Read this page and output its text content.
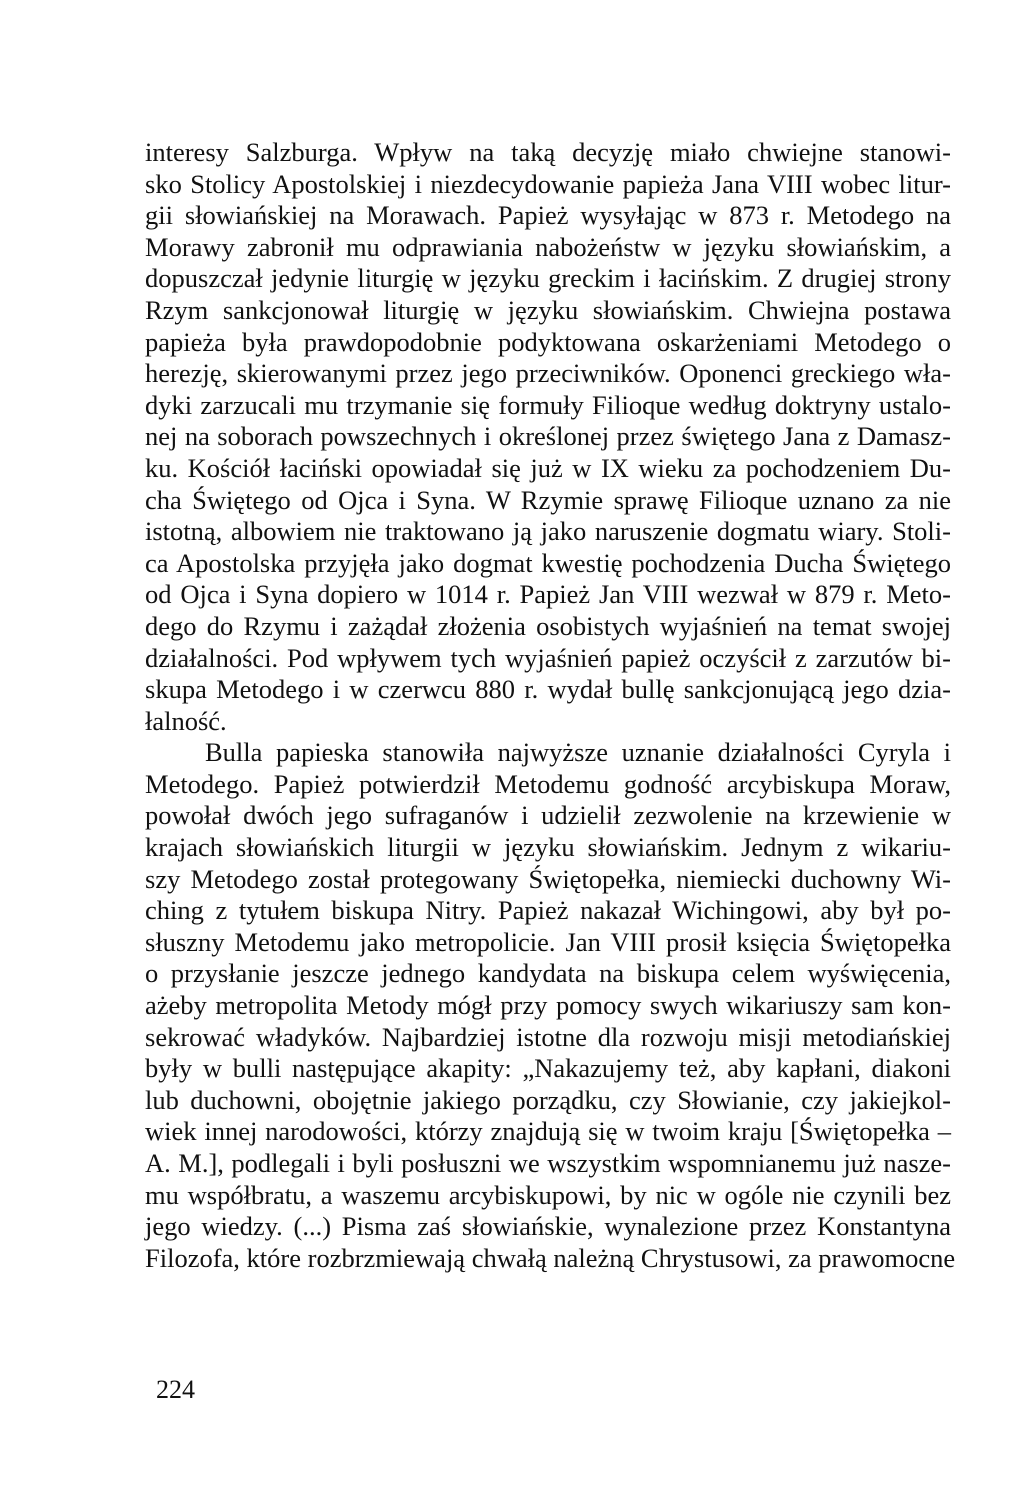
interesy Salzburga. Wpływ na taką decyzję miało chwiejne stanowi-
sko Stolicy Apostolskiej i niezdecydowanie papieża Jana VIII wobec litur-
gii słowiańskiej na Morawach. Papież wysyłając w 873 r. Metodego na
Morawy zabronił mu odprawiania nabożeństw w języku słowiańskim, a
dopuszczał jedynie liturgię w języku greckim i łacińskim. Z drugiej strony
Rzym sankcjonował liturgię w języku słowiańskim. Chwiejna postawa
papieża była prawdopodobnie podyktowana oskarżeniami Metodego o
herezję, skierowanymi przez jego przeciwników. Oponenci greckiego wła-
dyki zarzucali mu trzymanie się formuły Filioque według doktryny ustalo-
nej na soborach powszechnych i określonej przez świętego Jana z Damasz-
ku. Kościół łaciński opowiadał się już w IX wieku za pochodzeniem Du-
cha Świętego od Ojca i Syna. W Rzymie sprawę Filioque uznano za nie
istotną, albowiem nie traktowano ją jako naruszenie dogmatu wiary. Stoli-
ca Apostolska przyjęła jako dogmat kwestię pochodzenia Ducha Świętego
od Ojca i Syna dopiero w 1014 r. Papież Jan VIII wezwał w 879 r. Meto-
dego do Rzymu i zażądał złożenia osobistych wyjaśnień na temat swojej
działalności. Pod wpływem tych wyjaśnień papież oczyścił z zarzutów bi-
skupa Metodego i w czerwcu 880 r. wydał bullę sankcjonującą jego dzia-
łalność.
Bulla papieska stanowiła najwyższe uznanie działalności Cyryla i
Metodego. Papież potwierdził Metodemu godność arcybiskupa Moraw,
powołał dwóch jego sufraganów i udzielił zezwolenie na krzewienie w
krajach słowiańskich liturgii w języku słowiańskim. Jednym z wikariu-
szy Metodego został protegowany Świętopełka, niemiecki duchowny Wi-
ching z tytułem biskupa Nitry. Papież nakazał Wichingowi, aby był po-
słuszny Metodemu jako metropolicie. Jan VIII prosił księcia Świętopełka
o przysłanie jeszcze jednego kandydata na biskupa celem wyświęcenia,
ażeby metropolita Metody mógł przy pomocy swych wikariuszy sam kon-
sekrować władyków. Najbardziej istotne dla rozwoju misji metodiańskiej
były w bulli następujące akapity: „Nakazujemy też, aby kapłani, diakoni
lub duchowni, obojętnie jakiego porządku, czy Słowianie, czy jakiejkol-
wiek innej narodowości, którzy znajdują się w twoim kraju [Świętopełka –
A. M.], podlegali i byli posłuszni we wszystkim wspomnianemu już nasze-
mu współbratu, a waszemu arcybiskupowi, by nic w ogóle nie czynili bez
jego wiedzy. (...) Pisma zaś słowiańskie, wynalezione przez Konstantyna
Filozofa, które rozbrzmiewają chwałą należną Chrystusowi, za prawomocne
224
